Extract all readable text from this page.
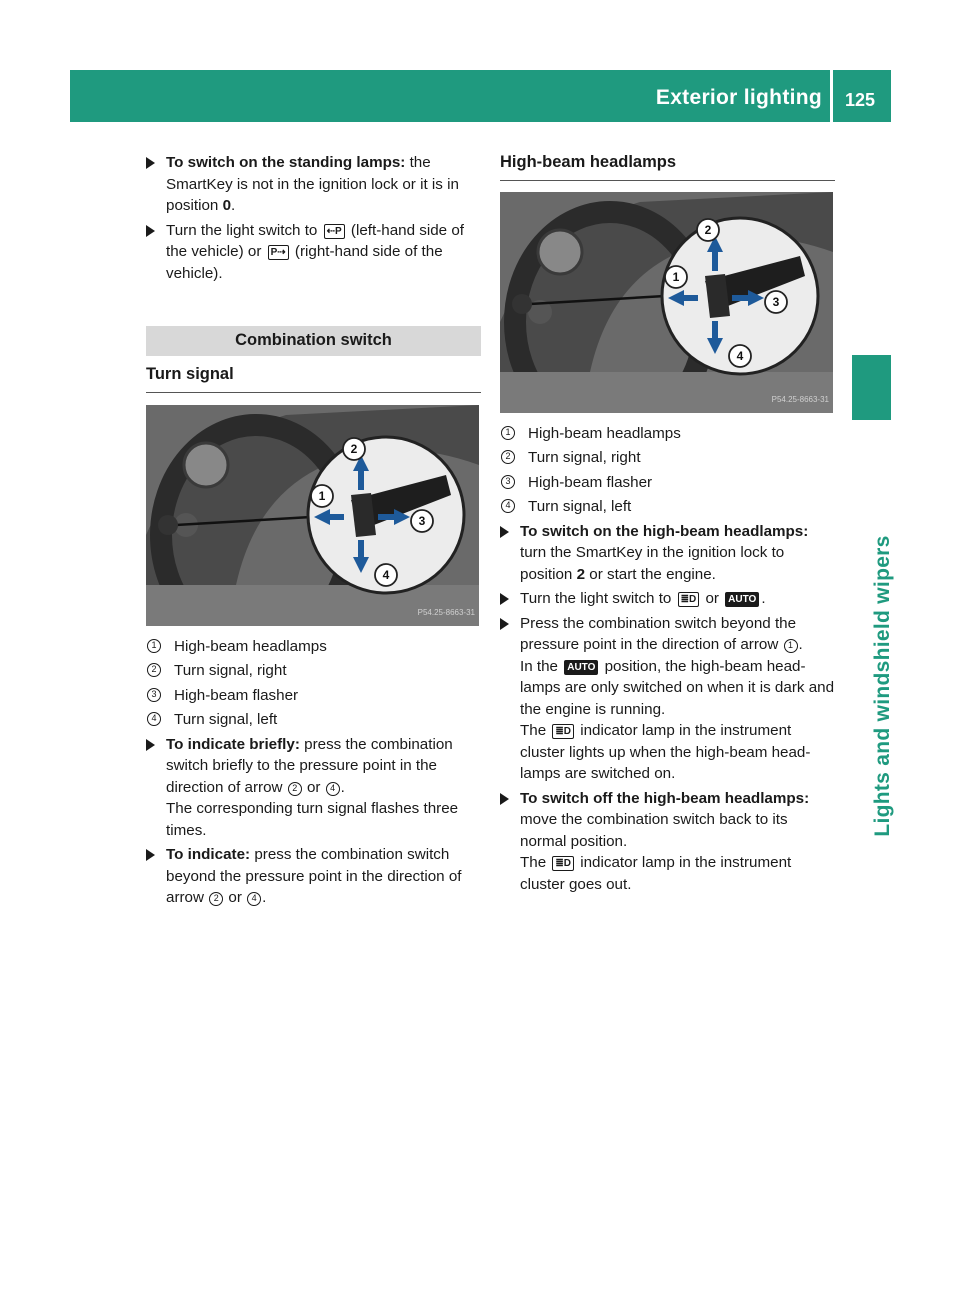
Exterior lighting 125
Lights and windshield wipers
To switch on the standing lamps: the SmartKey is not in the ignition lock or it is in position 0.
Turn the light switch to ⇠P (left-hand side of the vehicle) or P⇢ (right-hand side of the vehicle).
Combination switch
Turn signal
1
2
3
4
P54.25-8663-31
1 High-beam headlamps
2 Turn signal, right
3 High-beam flasher
4 Turn signal, left
To indicate briefly: press the combination switch briefly to the pressure point in the direction of arrow 2 or 4 .
The corresponding turn signal flashes three times.
To indicate: press the combination switch beyond the pressure point in the direction of arrow 2 or 4 .
High-beam headlamps
1
2
3
4
P54.25-8663-31
1 High-beam headlamps
2 Turn signal, right
3 High-beam flasher
4 Turn signal, left
To switch on the high-beam headlamps: turn the SmartKey in the ignition lock to position 2 or start the engine.
Turn the light switch to ≣D or AUTO .
Press the combination switch beyond the pressure point in the direction of arrow 1 .
In the AUTO position, the high-beam headlamps are only switched on when it is dark and the engine is running.
The ≣D indicator lamp in the instrument cluster lights up when the high-beam headlamps are switched on.
To switch off the high-beam headlamps: move the combination switch back to its normal position.
The ≣D indicator lamp in the instrument cluster goes out.
